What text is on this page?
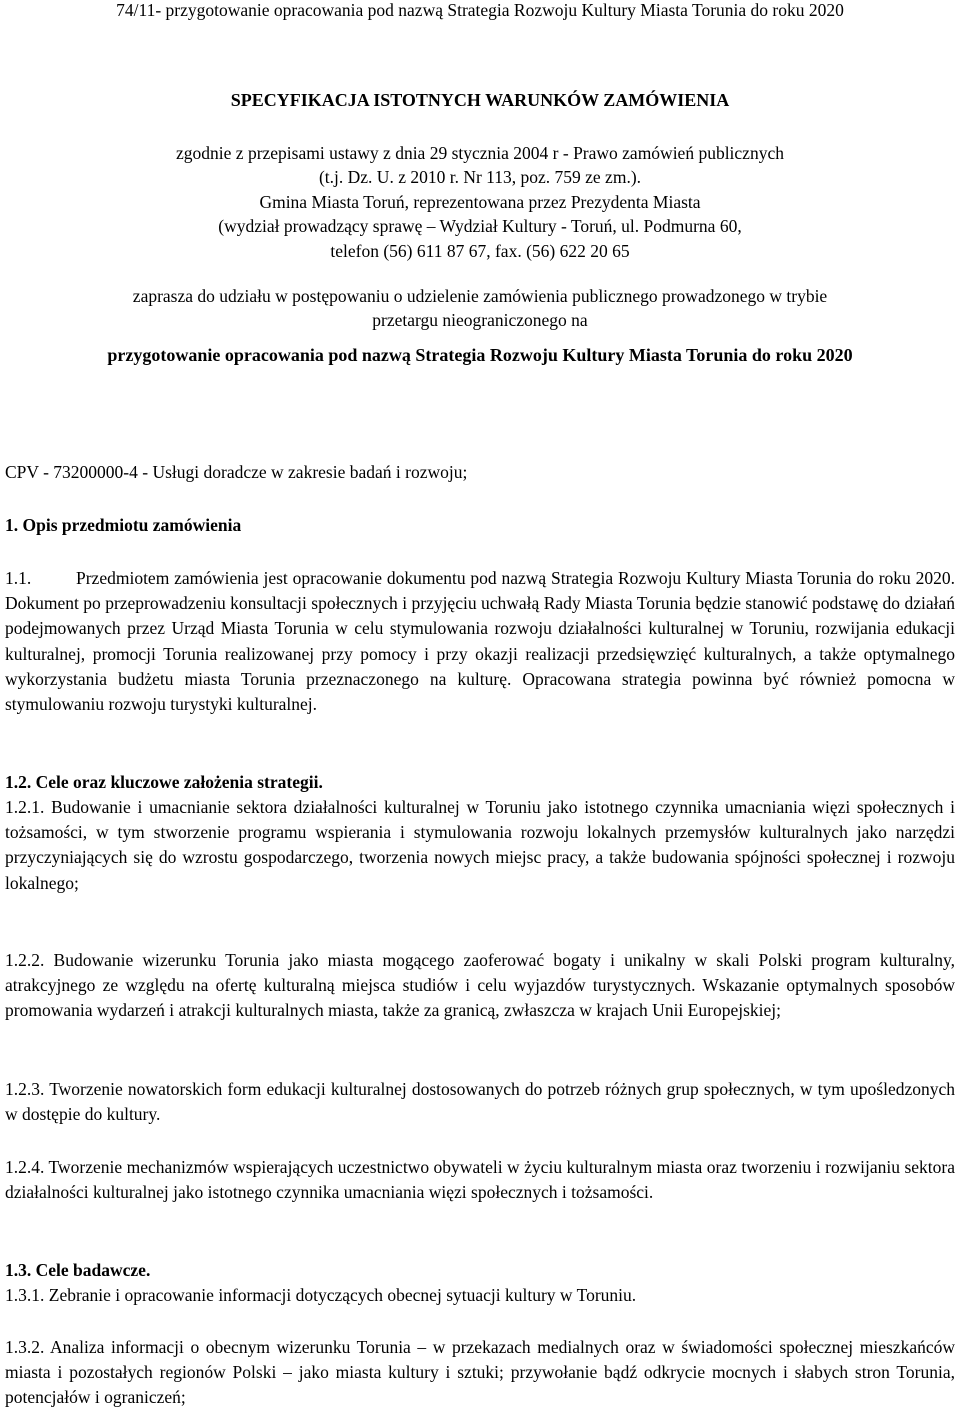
74/11- przygotowanie opracowania pod nazwą Strategia Rozwoju Kultury Miasta Torunia do roku 2020
SPECYFIKACJA ISTOTNYCH WARUNKÓW ZAMÓWIENIA
zgodnie z przepisami ustawy z dnia 29 stycznia 2004 r - Prawo zamówień publicznych
(t.j. Dz. U. z 2010 r. Nr 113, poz. 759 ze zm.).
Gmina Miasta Toruń, reprezentowana przez Prezydenta Miasta
(wydział prowadzący sprawę – Wydział Kultury - Toruń, ul. Podmurna 60,
telefon (56) 611 87 67, fax. (56) 622 20 65
zaprasza do udziału w postępowaniu o udzielenie zamówienia publicznego prowadzonego w trybie
przetargu nieograniczonego na
przygotowanie opracowania pod nazwą Strategia Rozwoju Kultury Miasta Torunia do roku 2020
CPV - 73200000-4 - Usługi doradcze w zakresie badań i rozwoju;
1. Opis przedmiotu zamówienia
1.1.	Przedmiotem zamówienia jest opracowanie dokumentu pod nazwą Strategia Rozwoju Kultury Miasta Torunia do roku 2020. Dokument po przeprowadzeniu konsultacji społecznych i przyjęciu uchwałą Rady Miasta Torunia będzie stanowić podstawę do działań podejmowanych przez Urząd Miasta Torunia w celu stymulowania rozwoju działalności kulturalnej w Toruniu, rozwijania edukacji kulturalnej, promocji Torunia realizowanej przy pomocy i przy okazji realizacji przedsięwzięć kulturalnych, a także optymalnego wykorzystania budżetu miasta Torunia przeznaczonego na kulturę. Opracowana strategia powinna być również pomocna w stymulowaniu rozwoju turystyki kulturalnej.
1.2. Cele oraz kluczowe założenia strategii.
1.2.1. Budowanie i umacnianie sektora działalności kulturalnej w Toruniu jako istotnego czynnika umacniania więzi społecznych i tożsamości, w tym stworzenie programu wspierania i stymulowania rozwoju lokalnych przemysłów kulturalnych jako narzędzi przyczyniających się do wzrostu gospodarczego, tworzenia nowych miejsc pracy, a także budowania spójności społecznej i rozwoju lokalnego;
1.2.2. Budowanie wizerunku Torunia jako miasta mogącego zaoferować bogaty i unikalny w skali Polski program kulturalny, atrakcyjnego ze względu na ofertę kulturalną miejsca studiów i celu wyjazdów turystycznych. Wskazanie optymalnych sposobów promowania wydarzeń i atrakcji kulturalnych miasta, także za granicą, zwłaszcza w krajach Unii Europejskiej;
1.2.3. Tworzenie nowatorskich form edukacji kulturalnej dostosowanych do potrzeb różnych grup społecznych, w tym upośledzonych w dostępie do kultury.
1.2.4. Tworzenie mechanizmów wspierających uczestnictwo obywateli w życiu kulturalnym miasta oraz tworzeniu i rozwijaniu sektora działalności kulturalnej jako istotnego czynnika umacniania więzi społecznych i tożsamości.
1.3. Cele badawcze.
1.3.1. Zebranie i opracowanie informacji dotyczących obecnej sytuacji kultury w Toruniu.
1.3.2. Analiza informacji o obecnym wizerunku Torunia – w przekazach medialnych oraz w świadomości społecznej mieszkańców miasta i pozostałych regionów Polski – jako miasta kultury i sztuki; przywołanie bądź odkrycie mocnych i słabych stron Torunia, potencjałów i ograniczeń;
